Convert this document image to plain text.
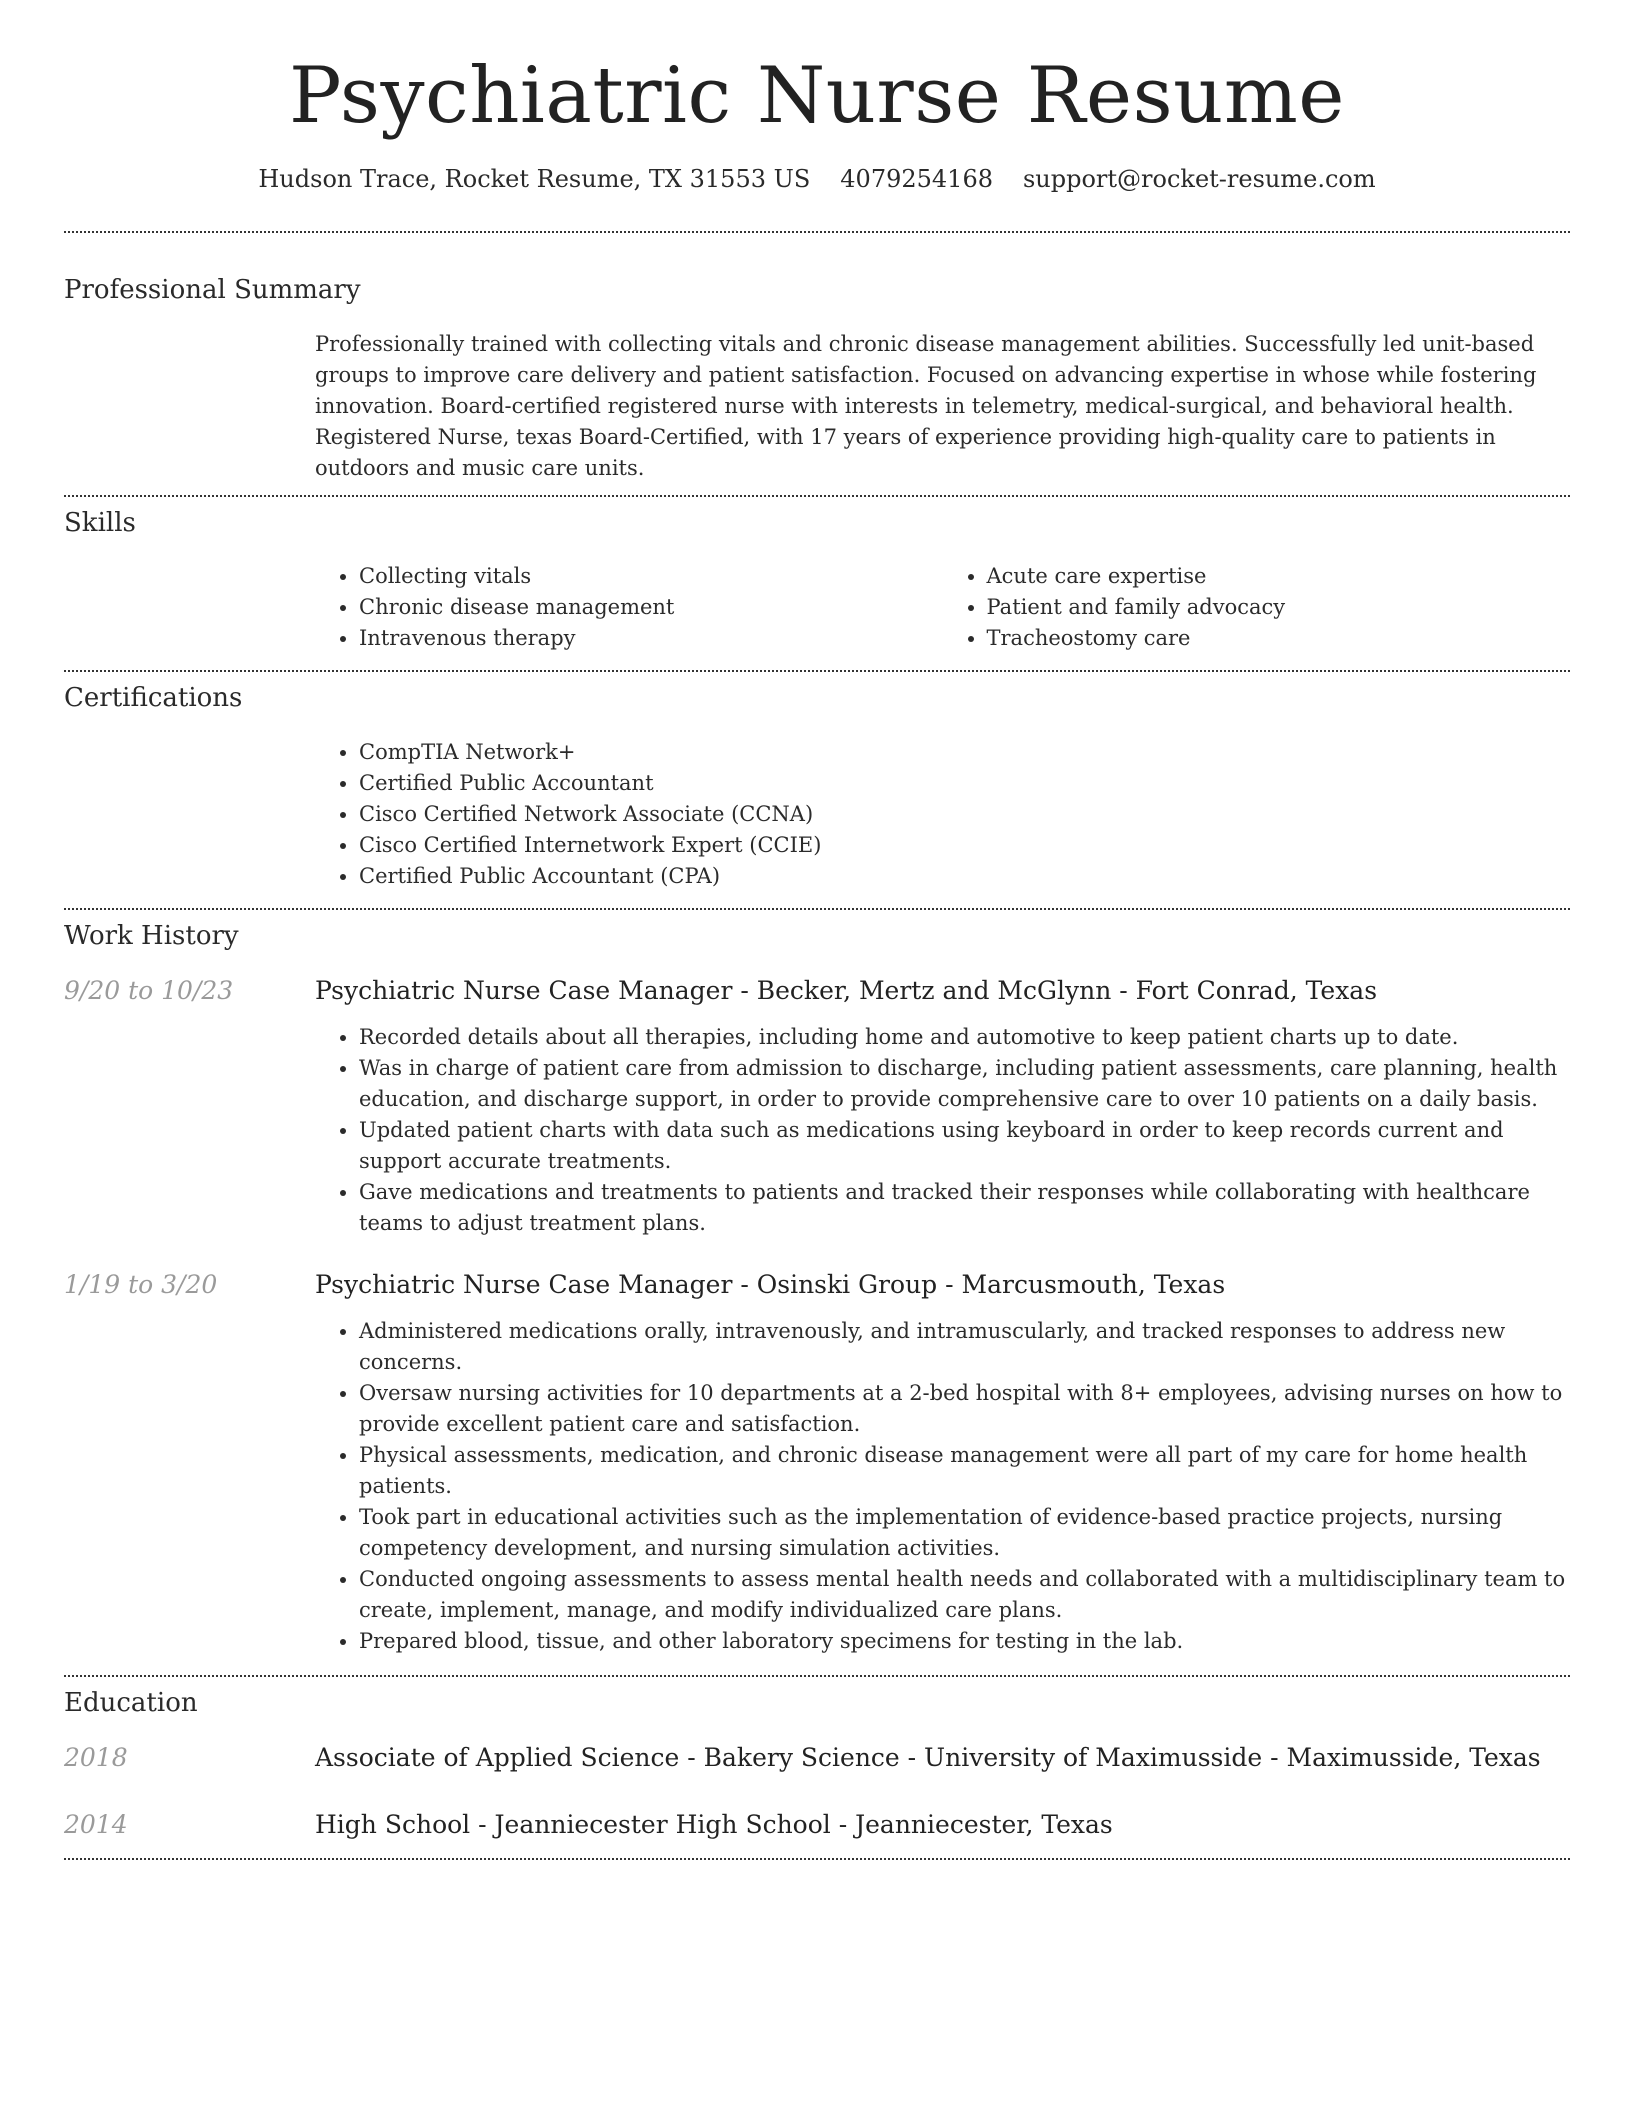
Psychiatric Nurse Resume
Hudson Trace, Rocket Resume, TX 31553 US 4079254168 support@rocket-resume.com
Professional Summary

Professionally trained with collecting vitals and chronic disease management abilities. Successfully led unit-based groups to improve care delivery and patient satisfaction. Focused on advancing expertise in whose while fostering innovation. Board-certified registered nurse with interests in telemetry, medical-surgical, and behavioral health. Registered Nurse, texas Board-Certified, with 17 years of experience providing high-quality care to patients in outdoors and music care units.

Skills
• Collecting vitals
• Chronic disease management
• Intravenous therapy
• Acute care expertise
• Patient and family advocacy
• Tracheostomy care
Certifications
• CompTIA Network+
• Certified Public Accountant
• Cisco Certified Network Associate (CCNA)
• Cisco Certified Internetwork Expert (CCIE)
• Certified Public Accountant (CPA)
Work History
9/20 to 10/23	Psychiatric Nurse Case Manager - Becker, Mertz and McGlynn - Fort Conrad, Texas
• Recorded details about all therapies, including home and automotive to keep patient charts up to date.
• Was in charge of patient care from admission to discharge, including patient assessments, care planning, health education, and discharge support, in order to provide comprehensive care to over 10 patients on a daily basis.
• Updated patient charts with data such as medications using keyboard in order to keep records current and support accurate treatments.
• Gave medications and treatments to patients and tracked their responses while collaborating with healthcare teams to adjust treatment plans.
1/19 to 3/20	Psychiatric Nurse Case Manager - Osinski Group - Marcusmouth, Texas
• Administered medications orally, intravenously, and intramuscularly, and tracked responses to address new concerns.
• Oversaw nursing activities for 10 departments at a 2-bed hospital with 8+ employees, advising nurses on how to provide excellent patient care and satisfaction.
• Physical assessments, medication, and chronic disease management were all part of my care for home health patients.
• Took part in educational activities such as the implementation of evidence-based practice projects, nursing competency development, and nursing simulation activities.
• Conducted ongoing assessments to assess mental health needs and collaborated with a multidisciplinary team to create, implement, manage, and modify individualized care plans.
• Prepared blood, tissue, and other laboratory specimens for testing in the lab.
Education
2018	Associate of Applied Science - Bakery Science - University of Maximusside - Maximusside, Texas
2014	High School - Jeanniecester High School - Jeanniecester, Texas
